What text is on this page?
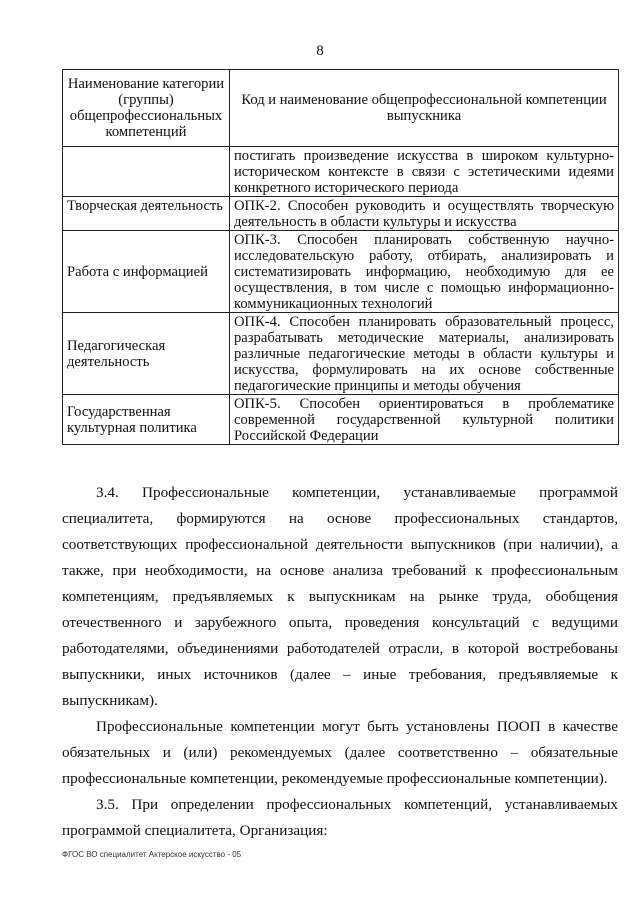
8
Наименование категории (группы) общепрофессиональных компетенций	Код и наименование общепрофессиональной компетенции выпускника
	постигать произведение искусства в широком культурно-историческом контексте в связи с эстетическими идеями конкретного исторического периода
Творческая деятельность	ОПК-2. Способен руководить и осуществлять творческую деятельность в области культуры и искусства
Работа с информацией	ОПК-3. Способен планировать собственную научно-исследовательскую работу, отбирать, анализировать и систематизировать информацию, необходимую для ее осуществления, в том числе с помощью информационно-коммуникационных технологий
Педагогическая деятельность	ОПК-4. Способен планировать образовательный процесс, разрабатывать методические материалы, анализировать различные педагогические методы в области культуры и искусства, формулировать на их основе собственные педагогические принципы и методы обучения
Государственная культурная политика	ОПК-5. Способен ориентироваться в проблематике современной государственной культурной политики Российской Федерации
3.4. Профессиональные компетенции, устанавливаемые программой специалитета, формируются на основе профессиональных стандартов, соответствующих профессиональной деятельности выпускников (при наличии), а также, при необходимости, на основе анализа требований к профессиональным компетенциям, предъявляемых к выпускникам на рынке труда, обобщения отечественного и зарубежного опыта, проведения консультаций с ведущими работодателями, объединениями работодателей отрасли, в которой востребованы выпускники, иных источников (далее – иные требования, предъявляемые к выпускникам).
Профессиональные компетенции могут быть установлены ПООП в качестве обязательных и (или) рекомендуемых (далее соответственно – обязательные профессиональные компетенции, рекомендуемые профессиональные компетенции).
3.5. При определении профессиональных компетенций, устанавливаемых программой специалитета, Организация:
ФГОС ВО специалитет Актерское искусство - 05
